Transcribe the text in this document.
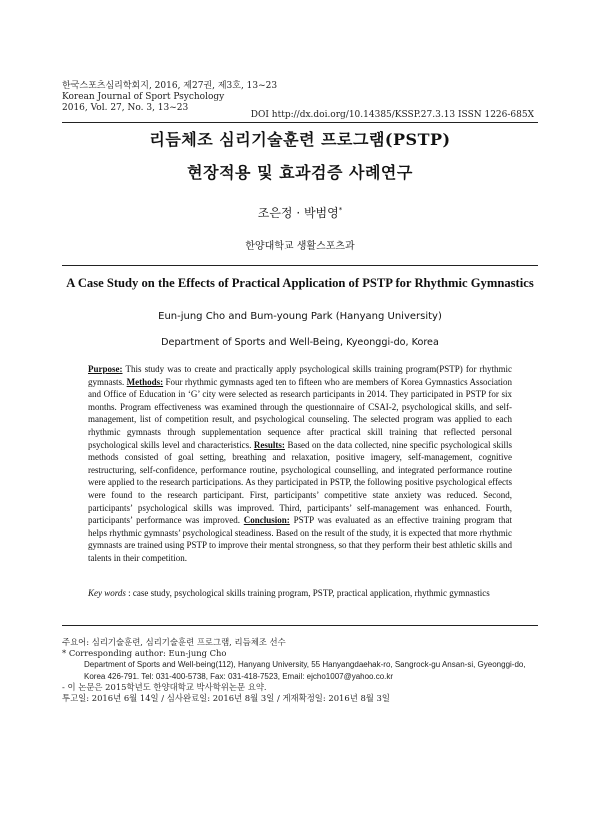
한국스포츠심리학회지, 2016, 제27권, 제3호, 13~23
Korean Journal of Sport Psychology
2016, Vol. 27, No. 3, 13~23
DOI http://dx.doi.org/10.14385/KSSP.27.3.13 ISSN 1226-685X
리듬체조 심리기술훈련 프로그램(PSTP)
현장적용 및 효과검증 사례연구
조은정 · 박범영*
한양대학교 생활스포츠과
A Case Study on the Effects of Practical Application of PSTP for Rhythmic Gymnastics
Eun-jung Cho and Bum-young Park (Hanyang University)
Department of Sports and Well-Being, Kyeonggi-do, Korea
Purpose: This study was to create and practically apply psychological skills training program(PSTP) for rhythmic gymnasts. Methods: Four rhythmic gymnasts aged ten to fifteen who are members of Korea Gymnastics Association and Office of Education in ‘G’ city were selected as research participants in 2014. They participated in PSTP for six months. Program effectiveness was examined through the questionnaire of CSAI-2, psychological skills, and self-management, list of competition result, and psychological counseling. The selected program was applied to each rhythmic gymnasts through supplementation sequence after practical skill training that reflected personal psychological skills level and characteristics. Results: Based on the data collected, nine specific psychological skills methods consisted of goal setting, breathing and relaxation, positive imagery, self-management, cognitive restructuring, self-confidence, performance routine, psychological counselling, and integrated performance routine were applied to the research participations. As they participated in PSTP, the following positive psychological effects were found to the research participant. First, participants’ competitive state anxiety was reduced. Second, participants’ psychological skills was improved. Third, participants’ self-management was enhanced. Fourth, participants’ performance was improved. Conclusion: PSTP was evaluated as an effective training program that helps rhythmic gymnasts’ psychological steadiness. Based on the result of the study, it is expected that more rhythmic gymnasts are trained using PSTP to improve their mental strongness, so that they perform their best athletic skills and talents in their competition.
Key words : case study, psychological skills training program, PSTP, practical application, rhythmic gymnastics
주요어: 심리기술훈련, 심리기술훈련 프로그램, 리듬체조 선수
* Corresponding author: Eun-jung Cho
Department of Sports and Well-being(112), Hanyang University, 55 Hanyangdaehak-ro, Sangrock-gu Ansan-si, Gyeonggi-do,
Korea 426-791. Tel: 031-400-5738, Fax: 031-418-7523, Email: ejcho1007@yahoo.co.kr
- 이 논문은 2015학년도 한양대학교 박사학위논문 요약.
투고일: 2016년 6월 14일 / 심사완료일: 2016년 8월 3일 / 게재확정일: 2016년 8월 3일
